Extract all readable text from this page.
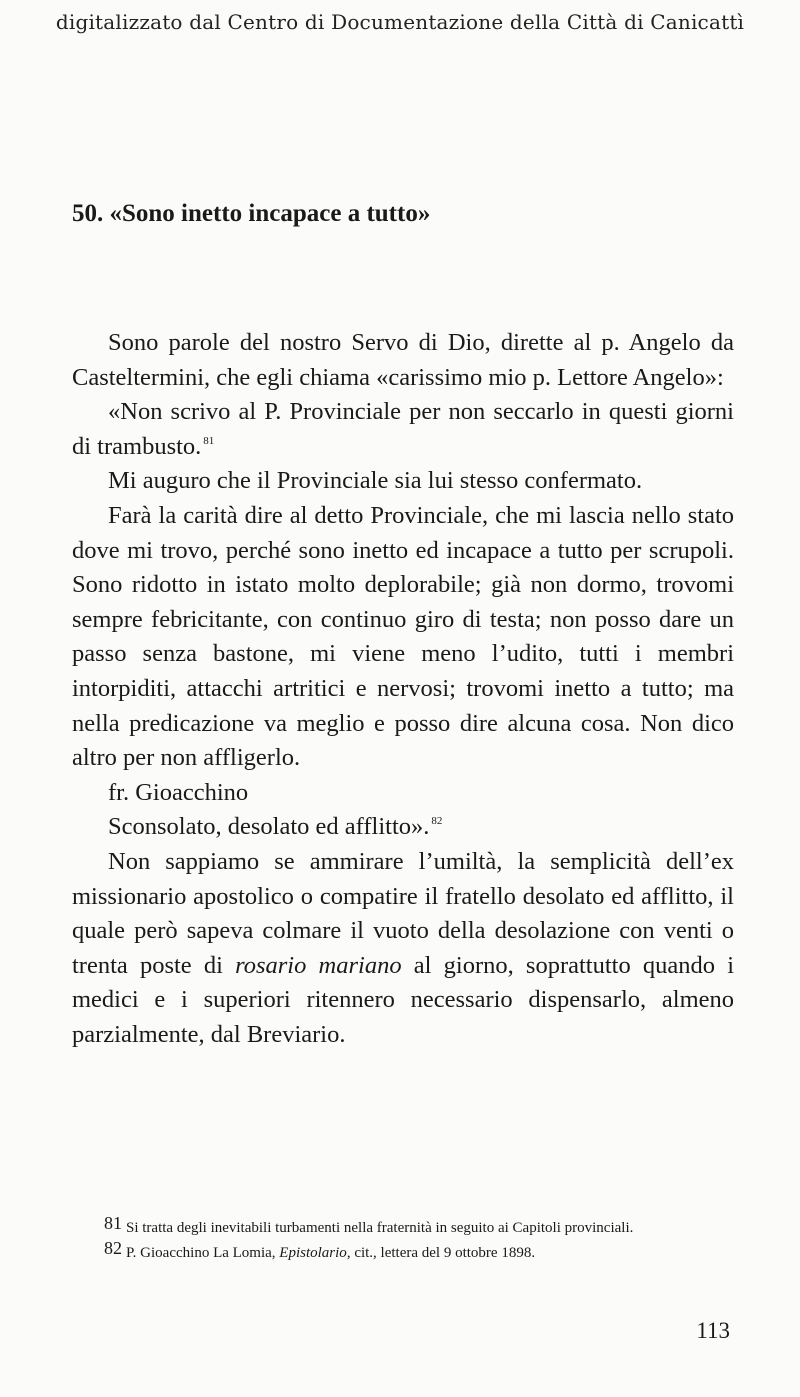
digitalizzato dal Centro di Documentazione della Città di Canicattì
50. «Sono inetto incapace a tutto»

Sono parole del nostro Servo di Dio, dirette al p. Angelo da Casteltermini, che egli chiama «carissimo mio p. Lettore Angelo»:

«Non scrivo al P. Provinciale per non seccarlo in questi giorni di trambusto. $^{81}$

Mi auguro che il Provinciale sia lui stesso confermato.

Farà la carità dire al detto Provinciale, che mi lascia nello stato dove mi trovo, perché sono inetto ed incapace a tutto per scrupoli. Sono ridotto in istato molto deplorabile; già non dormo, trovomi sempre febricitante, con continuo giro di testa; non posso dare un passo senza bastone, mi viene meno l’udito, tutti i membri intorpiditi, attacchi artritici e nervosi; trovomi inetto a tutto; ma nella predicazione va meglio e posso dire alcuna cosa. Non dico altro per non affligerlo.

fr. Gioacchino

Sconsolato, desolato ed afflitto». $^{82}$

Non sappiamo se ammirare l’umiltà, la semplicità dell’ex missionario apostolico o compatire il fratello desolato ed afflitto, il quale però sapeva colmare il vuoto della desolazione con venti o trenta poste di rosario mariano al giorno, soprattutto quando i medici e i superiori ritennero necessario dispensarlo, almeno parzialmente, dal Breviario.

81 Si tratta degli inevitabili turbamenti nella fraternità in seguito ai Capitoli provinciali.

82 P. Gioacchino La Lomia, Epistolario, cit., lettera del 9 ottobre 1898.

113
